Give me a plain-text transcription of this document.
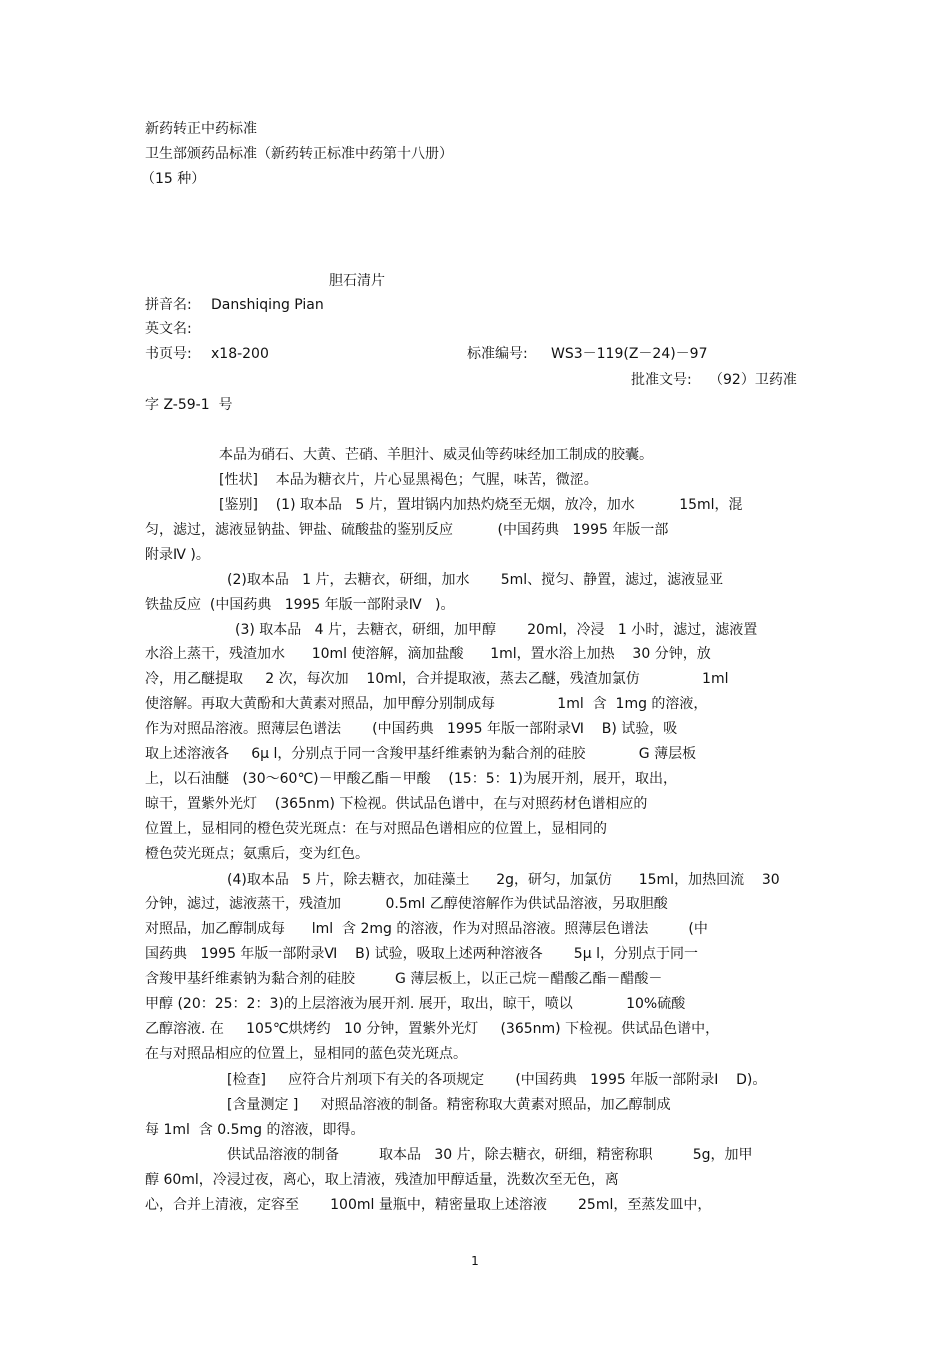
新药转正中药标准
卫生部颁药品标准（新药转正标准中药第十八册）
（15 种）
胆石清片
拼音名: Danshiqing Pian
英文名:
书页号: x18-200	标准编号: WS3－119(Z－24)－97
批准文号: （92）卫药准
字 Z-59-1  号
本品为硝石、大黄、芒硝、羊胆汁、威灵仙等药味经加工制成的胶囊。
[性状]    本品为糖衣片，片心显黑褐色；气腥，味苦，微涩。
[鉴别]    (1) 取本品   5 片，置坩锅内加热灼烧至无烟，放冷，加水          15ml，混
匀，滤过，滤液显钠盐、钾盐、硫酸盐的鉴别反应          (中国药典   1995 年版一部
附录Ⅳ )。
(2)取本品   1 片，去糖衣，研细，加水       5ml、搅匀、静置，滤过，滤液显亚
铁盐反应  (中国药典   1995 年版一部附录Ⅳ   )。
(3) 取本品   4 片，去糖衣，研细，加甲醇       20ml，冷浸   1 小时，滤过，滤液置
水浴上蒸干，残渣加水      10ml 使溶解，滴加盐酸      1ml，置水浴上加热    30 分钟，放
冷，用乙醚提取     2 次，每次加    10ml，合并提取液，蒸去乙醚，残渣加氯仿              1ml
使溶解。再取大黄酚和大黄素对照品，加甲醇分别制成每              1ml  含  1mg 的溶液，
作为对照品溶液。照薄层色谱法       (中国药典   1995 年版一部附录Ⅵ    B) 试验，吸
取上述溶液各     6μ l，分别点于同一含羧甲基纤维素钠为黏合剂的硅胶            G 薄层板
上，以石油醚   (30～60℃)－甲酸乙酯－甲酸    (15：5：1)为展开剂，展开，取出，
晾干，置紫外光灯    (365nm) 下检视。供试品色谱中，在与对照药材色谱相应的
位置上，显相同的橙色荧光斑点：在与对照品色谱相应的位置上，显相同的
橙色荧光斑点；氨熏后，变为红色。
(4)取本品   5 片，除去糖衣，加硅藻土      2g，研匀，加氯仿      15ml，加热回流    30
分钟，滤过，滤液蒸干，残渣加          0.5ml 乙醇使溶解作为供试品溶液，另取胆酸
对照品，加乙醇制成每      lml  含 2mg 的溶液，作为对照品溶液。照薄层色谱法         (中
国药典   1995 年版一部附录Ⅵ    B) 试验，吸取上述两种溶液各       5μ l，分别点于同一
含羧甲基纤维素钠为黏合剂的硅胶         G 薄层板上，以正己烷－醋酸乙酯－醋酸－
甲醇 (20：25：2：3)的上层溶液为展开剂. 展开，取出，晾干，喷以            10%硫酸
乙醇溶液. 在     105℃烘烤约   10 分钟，置紫外光灯     (365nm) 下检视。供试品色谱中，
在与对照品相应的位置上，显相同的蓝色荧光斑点。
[检查]     应符合片剂项下有关的各项规定       (中国药典   1995 年版一部附录Ⅰ    D)。
[含量测定 ]     对照品溶液的制备。精密称取大黄素对照品，加乙醇制成
每 1ml  含 0.5mg 的溶液，即得。
供试品溶液的制备         取本品   30 片，除去糖衣，研细，精密称职         5g，加甲
醇 60ml，冷浸过夜，离心，取上清液，残渣加甲醇适量，洗数次至无色，离
心，合并上清液，定容至       100ml 量瓶中，精密量取上述溶液       25ml，至蒸发皿中，
1
